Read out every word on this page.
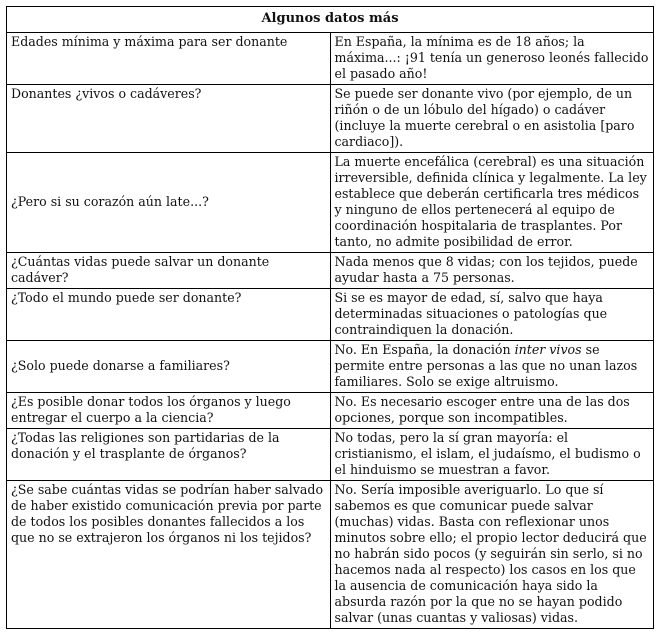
Algunos datos más	
Edades mínima y máxima para ser donante	En España, la mínima es de 18 años; la máxima...: ¡91 tenía un generoso leonés fallecido el pasado año!
Donantes ¿vivos o cadáveres?	Se puede ser donante vivo (por ejemplo, de un riñón o de un lóbulo del hígado) o cadáver (incluye la muerte cerebral o en asistolia [paro cardiaco]).
¿Pero si su corazón aún late...?	La muerte encefálica (cerebral) es una situación irreversible, definida clínica y legalmente. La ley establece que deberán certificarla tres médicos y ninguno de ellos pertenecerá al equipo de coordinación hospitalaria de trasplantes. Por tanto, no admite posibilidad de error.
¿Cuántas vidas puede salvar un donante cadáver?	Nada menos que 8 vidas; con los tejidos, puede ayudar hasta a 75 personas.
¿Todo el mundo puede ser donante?	Si se es mayor de edad, sí, salvo que haya determinadas situaciones o patologías que contraindiquen la donación.
¿Solo puede donarse a familiares?	No. En España, la donación inter vivos se permite entre personas a las que no unan lazos familiares. Solo se exige altruismo.
¿Es posible donar todos los órganos y luego entregar el cuerpo a la ciencia?	No. Es necesario escoger entre una de las dos opciones, porque son incompatibles.
¿Todas las religiones son partidarias de la donación y el trasplante de órganos?	No todas, pero la sí gran mayoría: el cristianismo, el islam, el judaísmo, el budismo o el hinduismo se muestran a favor.
¿Se sabe cuántas vidas se podrían haber salvado de haber existido comunicación previa por parte de todos los posibles donantes fallecidos a los que no se extrajeron los órganos ni los tejidos?	No. Sería imposible averiguarlo. Lo que sí sabemos es que comunicar puede salvar (muchas) vidas. Basta con reflexionar unos minutos sobre ello; el propio lector deducirá que no habrán sido pocos (y seguirán sin serlo, si no hacemos nada al respecto) los casos en los que la ausencia de comunicación haya sido la absurda razón por la que no se hayan podido salvar (unas cuantas y valiosas) vidas.
